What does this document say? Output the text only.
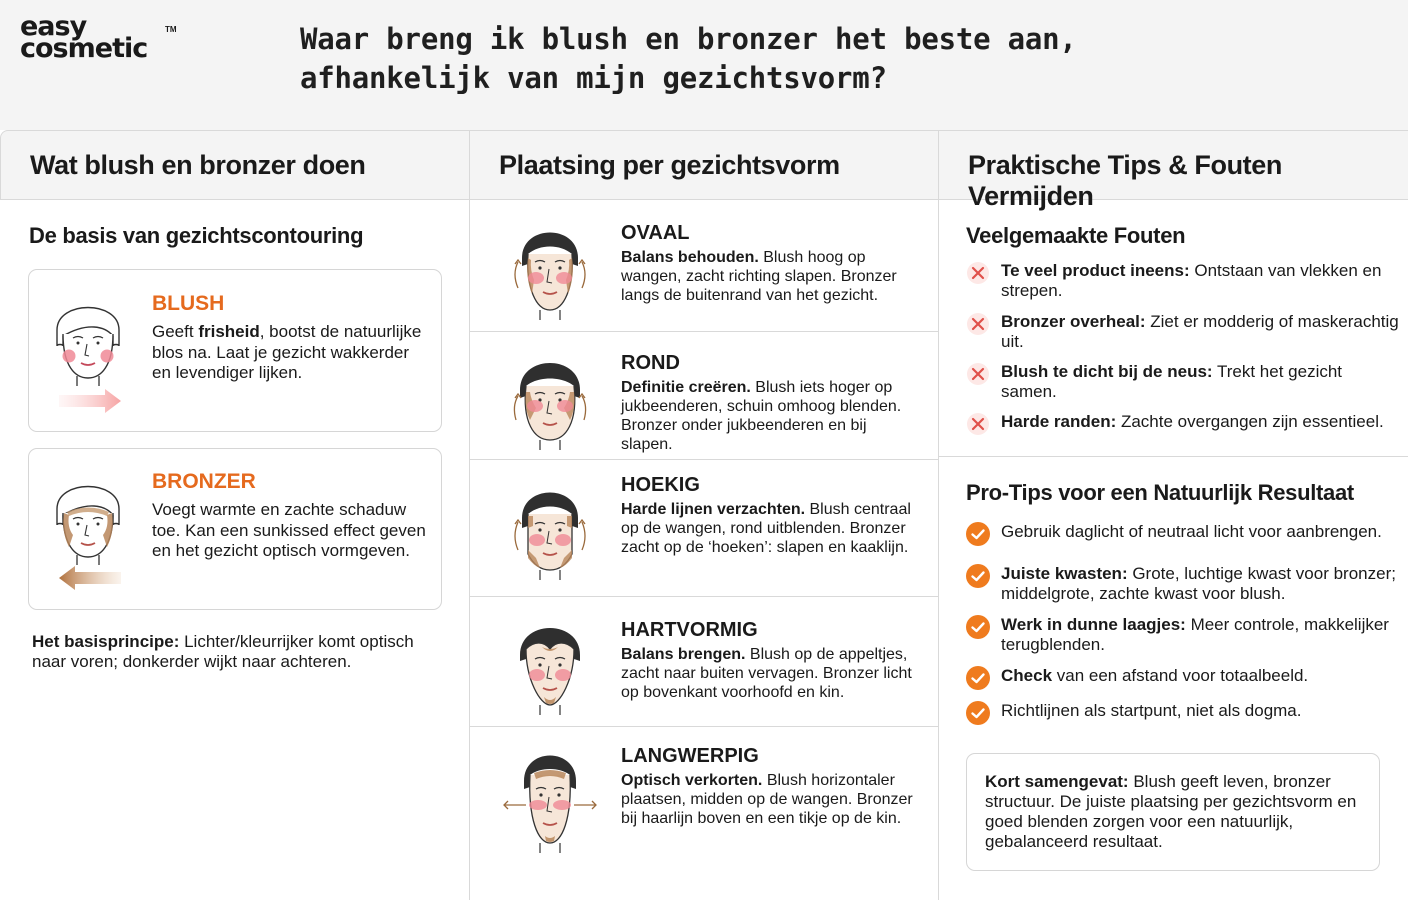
easy
cosmetic
TM	Waar breng ik blush en bronzer het beste aan, afhankelijk van mijn gezichtsvorm?
Wat blush en bronzer doen
De basis van gezichtscontouring
BLUSH
Geeft frisheid, bootst de natuurlijke blos na. Laat je gezicht wakkerder en levendiger lijken.
BRONZER
Voegt warmte en zachte schaduw toe. Kan een sunkissed effect geven en het gezicht optisch vormgeven.
Het basisprincipe: Lichter/kleurrijker komt optisch naar voren; donkerder wijkt naar achteren.
Plaatsing per gezichtsvorm
OVAAL
Balans behouden. Blush hoog op wangen, zacht richting slapen. Bronzer langs de buitenrand van het gezicht.
ROND
Definitie creëren. Blush iets hoger op jukbeenderen, schuin omhoog blenden. Bronzer onder jukbeenderen en bij slapen.
HOEKIG
Harde lijnen verzachten. Blush centraal op de wangen, rond uitblenden. Bronzer zacht op de ‘hoeken’: slapen en kaaklijn.
HARTVORMIG
Balans brengen. Blush op de appeltjes, zacht naar buiten vervagen. Bronzer licht op bovenkant voorhoofd en kin.
LANGWERPIG
Optisch verkorten. Blush horizontaler plaatsen, midden op de wangen. Bronzer bij haarlijn boven en een tikje op de kin.
Praktische Tips & Fouten Vermijden
Veelgemaakte Fouten
Te veel product ineens: Ontstaan van vlekken en strepen.
Bronzer overheal: Ziet er modderig of maskerachtig uit.
Blush te dicht bij de neus: Trekt het gezicht samen.
Harde randen: Zachte overgangen zijn essentieel.
Pro-Tips voor een Natuurlijk Resultaat
Gebruik daglicht of neutraal licht voor aanbrengen.
Juiste kwasten: Grote, luchtige kwast voor bronzer; middelgrote, zachte kwast voor blush.
Werk in dunne laagjes: Meer controle, makkelijker terugblenden.
Check van een afstand voor totaalbeeld.
Richtlijnen als startpunt, niet als dogma.
Kort samengevat: Blush geeft leven, bronzer structuur. De juiste plaatsing per gezichtsvorm en goed blenden zorgen voor een natuurlijk, gebalanceerd resultaat.
